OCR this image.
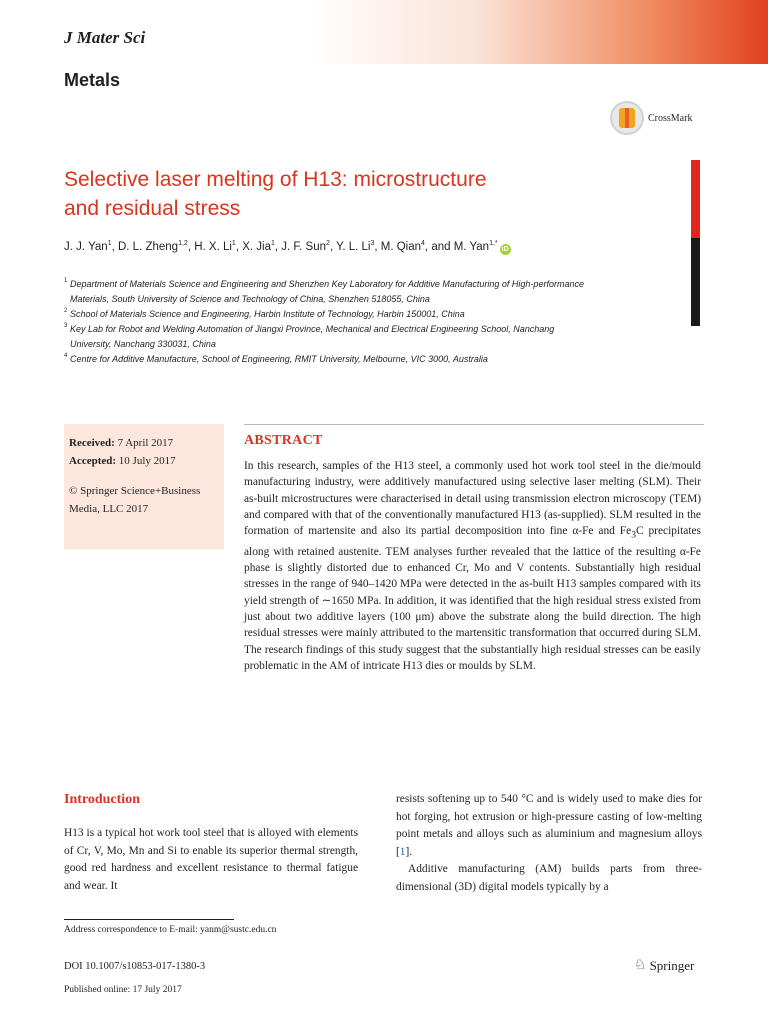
J Mater Sci
Metals
CrossMark
Selective laser melting of H13: microstructure
and residual stress
J. J. Yan$^1$, D. L. Zheng$^{1,2}$, H. X. Li$^1$, X. Jia$^1$, J. F. Sun$^2$, Y. L. Li$^3$, M. Qian$^4$, and M. Yan$^{1,*}$iD
1 Department of Materials Science and Engineering and Shenzhen Key Laboratory for Additive Manufacturing of High-performance
Materials, South University of Science and Technology of China, Shenzhen 518055, China
2 School of Materials Science and Engineering, Harbin Institute of Technology, Harbin 150001, China
3 Key Lab for Robot and Welding Automation of Jiangxi Province, Mechanical and Electrical Engineering School, Nanchang
University, Nanchang 330031, China
4 Centre for Additive Manufacture, School of Engineering, RMIT University, Melbourne, VIC 3000, Australia
Received: 7 April 2017
Accepted: 10 July 2017
© Springer Science+Business Media, LLC 2017
ABSTRACT
In this research, samples of the H13 steel, a commonly used hot work tool steel in the die/mould manufacturing industry, were additively manufactured using selective laser melting (SLM). Their as-built microstructures were characterised in detail using transmission electron microscopy (TEM) and compared with that of the conventionally manufactured H13 (as-supplied). SLM resulted in the formation of martensite and also its partial decomposition into fine α-Fe and $Fe_3C$ precipitates along with retained austenite. TEM analyses further revealed that the lattice of the resulting α-Fe phase is slightly distorted due to enhanced Cr, Mo and V contents. Substantially high residual stresses in the range of 940–1420 MPa were detected in the as-built H13 samples compared with its yield strength of ∼1650 MPa. In addition, it was identified that the high residual stress existed from just about two additive layers (100 μm) above the substrate along the build direction. The high residual stresses were mainly attributed to the martensitic transformation that occurred during SLM. The research findings of this study suggest that the substantially high residual stresses can be easily problematic in the AM of intricate H13 dies or moulds by SLM.
Introduction
H13 is a typical hot work tool steel that is alloyed with elements of Cr, V, Mo, Mn and Si to enable its superior thermal strength, good red hardness and excellent resistance to thermal fatigue and wear. It
resists softening up to 540 °C and is widely used to make dies for hot forging, hot extrusion or high-pressure casting of low-melting point metals and alloys such as aluminium and magnesium alloys [1].
Additive manufacturing (AM) builds parts from three-dimensional (3D) digital models typically by a
Address correspondence to E-mail: yanm@sustc.edu.cn
DOI 10.1007/s10853-017-1380-3
Published online: 17 July 2017
♘ Springer
